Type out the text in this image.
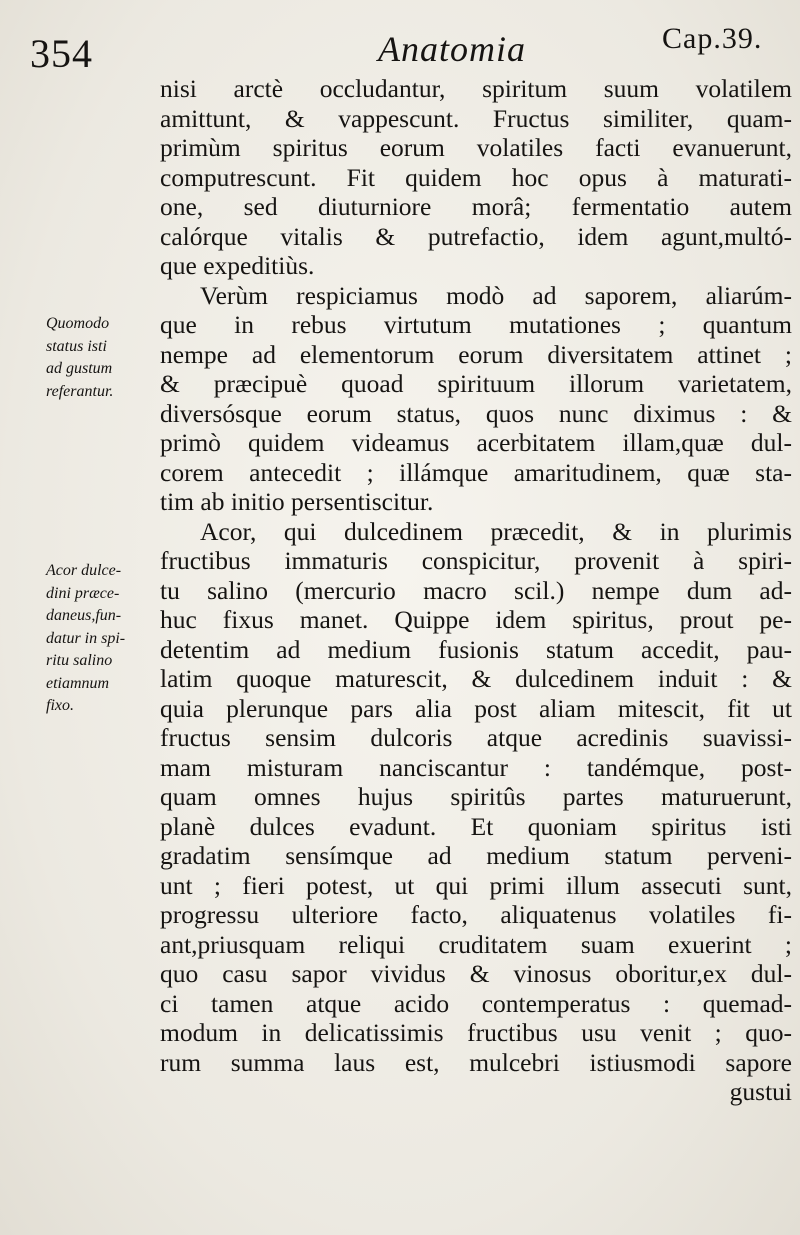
354	Anatomia	Cap.39.
Quomodo
status isti
ad gustum
referantur.
Acor dulce-
dini præce-
daneus,fun-
datur in spi-
ritu salino
etiamnum
fixo.
nisi arctè occludantur, spiritum suum volatilem
amittunt, & vappescunt. Fructus similiter, quam-
primùm spiritus eorum volatiles facti evanuerunt,
computrescunt. Fit quidem hoc opus à maturati-
one, sed diuturniore morâ; fermentatio autem
calórque vitalis & putrefactio, idem agunt,multó-
que expeditiùs.
Verùm respiciamus modò ad saporem, aliarúm-
que in rebus virtutum mutationes ; quantum
nempe ad elementorum eorum diversitatem attinet ;
& præcipuè quoad spirituum illorum varietatem,
diversósque eorum status, quos nunc diximus : &
primò quidem videamus acerbitatem illam,quæ dul-
corem antecedit ; illámque amaritudinem, quæ sta-
tim ab initio persentiscitur.
Acor, qui dulcedinem præcedit, & in plurimis
fructibus immaturis conspicitur, provenit à spiri-
tu salino (mercurio macro scil.) nempe dum ad-
huc fixus manet. Quippe idem spiritus, prout pe-
detentim ad medium fusionis statum accedit, pau-
latim quoque maturescit, & dulcedinem induit : &
quia plerunque pars alia post aliam mitescit, fit ut
fructus sensim dulcoris atque acredinis suavissi-
mam misturam nanciscantur : tandémque, post-
quam omnes hujus spiritûs partes maturuerunt,
planè dulces evadunt. Et quoniam spiritus isti
gradatim sensímque ad medium statum perveni-
unt ; fieri potest, ut qui primi illum assecuti sunt,
progressu ulteriore facto, aliquatenus volatiles fi-
ant,priusquam reliqui cruditatem suam exuerint ;
quo casu sapor vividus & vinosus oboritur,ex dul-
ci tamen atque acido contemperatus : quemad-
modum in delicatissimis fructibus usu venit ; quo-
rum summa laus est, mulcebri istiusmodi sapore
gustui
